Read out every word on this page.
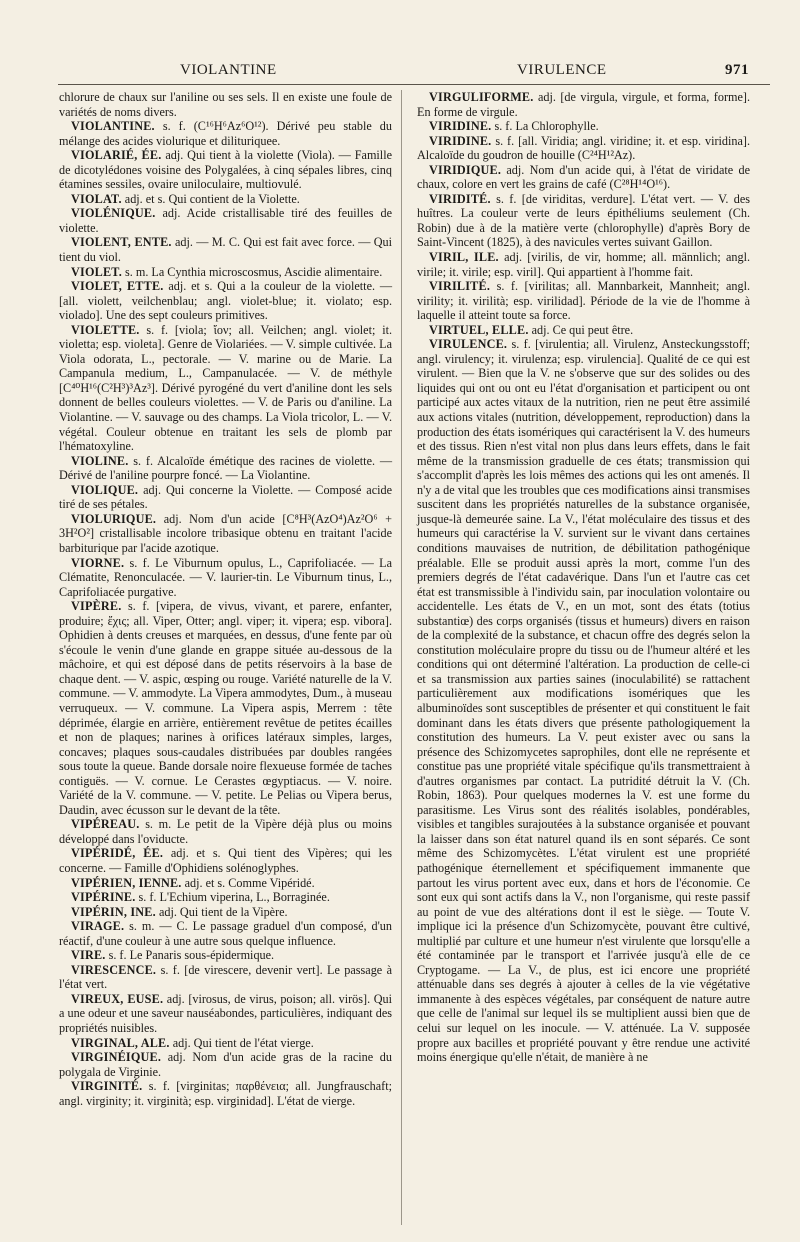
VIOLANTINE	VIRULENCE	971

chlorure de chaux sur l'aniline ou ses sels. Il en existe une foule de variétés de noms divers.

VIOLANTINE. s. f. (C¹⁶H⁶Az⁶O¹²). Dérivé peu stable du mélange des acides violurique et dilituriquee.

VIOLARIÉ, ÉE. adj. Qui tient à la violette (Viola). — Famille de dicotylédones voisine des Polygalées, à cinq sépales libres, cinq étamines sessiles, ovaire uniloculaire, multiovulé.

VIOLAT. adj. et s. Qui contient de la Violette.

VIOLÉNIQUE. adj. Acide cristallisable tiré des feuilles de violette.

VIOLENT, ENTE. adj. — M. C. Qui est fait avec force. — Qui tient du viol.

VIOLET. s. m. La Cynthia microscosmus, Ascidie alimentaire.

VIOLET, ETTE. adj. et s. Qui a la couleur de la violette. — [all. violett, veilchenblau; angl. violet-blue; it. violato; esp. violado]. Une des sept couleurs primitives.

VIOLETTE. s. f. [viola; ἴον; all. Veilchen; angl. violet; it. violetta; esp. violeta]. Genre de Violariées. — V. simple cultivée. La Viola odorata, L., pectorale. — V. marine ou de Marie. La Campanula medium, L., Campanulacée. — V. de méthyle [C⁴⁰H¹⁶(C²H³)³Az³]. Dérivé pyrogéné du vert d'aniline dont les sels donnent de belles couleurs violettes. — V. de Paris ou d'aniline. La Violantine. — V. sauvage ou des champs. La Viola tricolor, L. — V. végétal. Couleur obtenue en traitant les sels de plomb par l'hématoxyline.

VIOLINE. s. f. Alcaloïde émétique des racines de violette. — Dérivé de l'aniline pourpre foncé. — La Violantine.

VIOLIQUE. adj. Qui concerne la Violette. — Composé acide tiré de ses pétales.

VIOLURIQUE. adj. Nom d'un acide [C⁸H³(AzO⁴)Az²O⁶ + 3H²O²] cristallisable incolore tribasique obtenu en traitant l'acide barbiturique par l'acide azotique.

VIORNE. s. f. Le Viburnum opulus, L., Caprifoliacée. — La Clématite, Renonculacée. — V. laurier-tin. Le Viburnum tinus, L., Caprifoliacée purgative.

VIPÈRE. s. f. [vipera, de vivus, vivant, et parere, enfanter, produire; ἔχις; all. Viper, Otter; angl. viper; it. vipera; esp. vibora]. Ophidien à dents creuses et marquées, en dessus, d'une fente par où s'écoule le venin d'une glande en grappe située au-dessous de la mâchoire, et qui est déposé dans de petits réservoirs à la base de chaque dent. — V. aspic, œsping ou rouge. Variété naturelle de la V. commune. — V. ammodyte. La Vipera ammodytes, Dum., à museau verruqueux. — V. commune. La Vipera aspis, Merrem : tête déprimée, élargie en arrière, entièrement revêtue de petites écailles et non de plaques; narines à orifices latéraux simples, larges, concaves; plaques sous-caudales distribuées par doubles rangées sous toute la queue. Bande dorsale noire flexueuse formée de taches contiguës. — V. cornue. Le Cerastes œgyptiacus. — V. noire. Variété de la V. commune. — V. petite. Le Pelias ou Vipera berus, Daudin, avec écusson sur le devant de la tête.

VIPÉREAU. s. m. Le petit de la Vipère déjà plus ou moins développé dans l'oviducte.

VIPÉRIDÉ, ÉE. adj. et s. Qui tient des Vipères; qui les concerne. — Famille d'Ophidiens solénoglyphes.

VIPÉRIEN, IENNE. adj. et s. Comme Vipéridé.

VIPÉRINE. s. f. L'Echium viperina, L., Borraginée.

VIPÉRIN, INE. adj. Qui tient de la Vipère.

VIRAGE. s. m. — C. Le passage graduel d'un composé, d'un réactif, d'une couleur à une autre sous quelque influence.

VIRE. s. f. Le Panaris sous-épidermique.

VIRESCENCE. s. f. [de virescere, devenir vert]. Le passage à l'état vert.

VIREUX, EUSE. adj. [virosus, de virus, poison; all. virös]. Qui a une odeur et une saveur nauséabondes, particulières, indiquant des propriétés nuisibles.

VIRGINAL, ALE. adj. Qui tient de l'état vierge.

VIRGINÉIQUE. adj. Nom d'un acide gras de la racine du polygala de Virginie.

VIRGINITÉ. s. f. [virginitas; παρθένεια; all. Jungfrauschaft; angl. virginity; it. virginità; esp. virginidad]. L'état de vierge.

VIRGULIFORME. adj. [de virgula, virgule, et forma, forme]. En forme de virgule.

VIRIDINE. s. f. La Chlorophylle.

VIRIDINE. s. f. [all. Viridia; angl. viridine; it. et esp. viridina]. Alcaloïde du goudron de houille (C²⁴H¹²Az).

VIRIDIQUE. adj. Nom d'un acide qui, à l'état de viridate de chaux, colore en vert les grains de café (C²⁸H¹⁴O¹⁶).

VIRIDITÉ. s. f. [de viriditas, verdure]. L'état vert. — V. des huîtres. La couleur verte de leurs épithéliums seulement (Ch. Robin) due à de la matière verte (chlorophylle) d'après Bory de Saint-Vincent (1825), à des navicules vertes suivant Gaillon.

VIRIL, ILE. adj. [virilis, de vir, homme; all. männlich; angl. virile; it. virile; esp. viril]. Qui appartient à l'homme fait.

VIRILITÉ. s. f. [virilitas; all. Mannbarkeit, Mannheit; angl. virility; it. virilità; esp. virilidad]. Période de la vie de l'homme à laquelle il atteint toute sa force.

VIRTUEL, ELLE. adj. Ce qui peut être.

VIRULENCE. s. f. [virulentia; all. Virulenz, Ansteckungsstoff; angl. virulency; it. virulenza; esp. virulencia]. Qualité de ce qui est virulent. — Bien que la V. ne s'observe que sur des solides ou des liquides qui ont ou ont eu l'état d'organisation et participent ou ont participé aux actes vitaux de la nutrition, rien ne peut être assimilé aux actions vitales (nutrition, développement, reproduction) dans la production des états isomériques qui caractérisent la V. des humeurs et des tissus. Rien n'est vital non plus dans leurs effets, dans le fait même de la transmission graduelle de ces états; transmission qui s'accomplit d'après les lois mêmes des actions qui les ont amenés. Il n'y a de vital que les troubles que ces modifications ainsi transmises suscitent dans les propriétés naturelles de la substance organisée, jusque-là demeurée saine. La V., l'état moléculaire des tissus et des humeurs qui caractérise la V. survient sur le vivant dans certaines conditions mauvaises de nutrition, de débilitation pathogénique préalable. Elle se produit aussi après la mort, comme l'un des premiers degrés de l'état cadavérique. Dans l'un et l'autre cas cet état est transmissible à l'individu sain, par inoculation volontaire ou accidentelle. Les états de V., en un mot, sont des états (totius substantiœ) des corps organisés (tissus et humeurs) divers en raison de la complexité de la substance, et chacun offre des degrés selon la constitution moléculaire propre du tissu ou de l'humeur altéré et les conditions qui ont déterminé l'altération. La production de celle-ci et sa transmission aux parties saines (inoculabilité) se rattachent particulièrement aux modifications isomériques que les albuminoïdes sont susceptibles de présenter et qui constituent le fait dominant dans les états divers que présente pathologiquement la constitution des humeurs. La V. peut exister avec ou sans la présence des Schizomycetes saprophiles, dont elle ne représente et constitue pas une propriété vitale spécifique qu'ils transmettraient à d'autres organismes par contact. La putridité détruit la V. (Ch. Robin, 1863). Pour quelques modernes la V. est une forme du parasitisme. Les Virus sont des réalités isolables, pondérables, visibles et tangibles surajoutées à la substance organisée et pouvant la laisser dans son état naturel quand ils en sont séparés. Ce sont même des Schizomycètes. L'état virulent est une propriété pathogénique éternellement et spécifiquement immanente que partout les virus portent avec eux, dans et hors de l'économie. Ce sont eux qui sont actifs dans la V., non l'organisme, qui reste passif au point de vue des altérations dont il est le siège. — Toute V. implique ici la présence d'un Schizomycète, pouvant être cultivé, multiplié par culture et une humeur n'est virulente que lorsqu'elle a été contaminée par le transport et l'arrivée jusqu'à elle de ce Cryptogame. — La V., de plus, est ici encore une propriété atténuable dans ses degrés à ajouter à celles de la vie végétative immanente à des espèces végétales, par conséquent de nature autre que celle de l'animal sur lequel ils se multiplient aussi bien que de celui sur lequel on les inocule. — V. atténuée. La V. supposée propre aux bacilles et propriété pouvant y être rendue une activité moins énergique qu'elle n'était, de manière à ne
